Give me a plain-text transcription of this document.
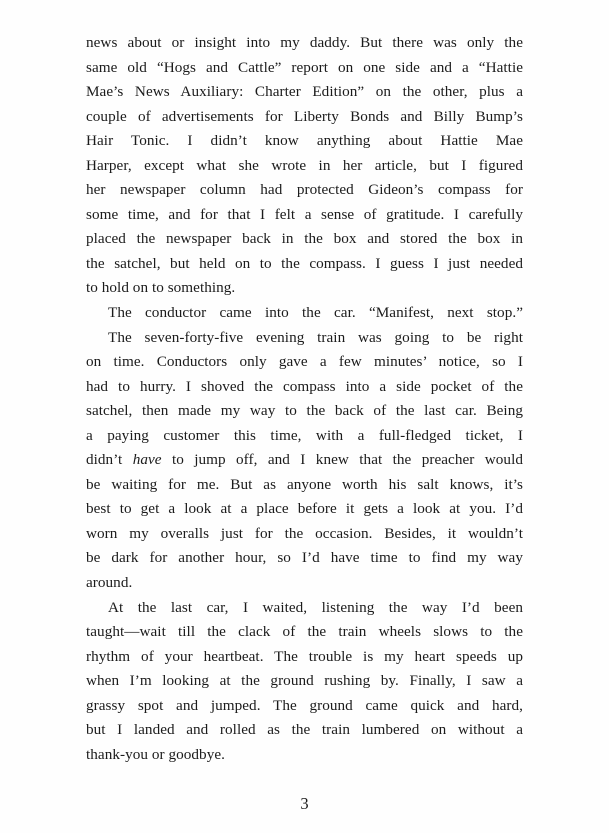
news about or insight into my daddy. But there was only the
same old “Hogs and Cattle” report on one side and a “Hattie
Mae’s News Auxiliary: Charter Edition” on the other, plus a
couple of advertisements for Liberty Bonds and Billy Bump’s
Hair Tonic. I didn’t know anything about Hattie Mae
Harper, except what she wrote in her article, but I figured
her newspaper column had protected Gideon’s compass for
some time, and for that I felt a sense of gratitude. I carefully
placed the newspaper back in the box and stored the box in
the satchel, but held on to the compass. I guess I just needed
to hold on to something.
The conductor came into the car. “Manifest, next stop.”
The seven-forty-five evening train was going to be right
on time. Conductors only gave a few minutes’ notice, so I
had to hurry. I shoved the compass into a side pocket of the
satchel, then made my way to the back of the last car. Being
a paying customer this time, with a full-fledged ticket, I
didn’t have to jump off, and I knew that the preacher would
be waiting for me. But as anyone worth his salt knows, it’s
best to get a look at a place before it gets a look at you. I’d
worn my overalls just for the occasion. Besides, it wouldn’t
be dark for another hour, so I’d have time to find my way
around.
At the last car, I waited, listening the way I’d been
taught—wait till the clack of the train wheels slows to the
rhythm of your heartbeat. The trouble is my heart speeds up
when I’m looking at the ground rushing by. Finally, I saw a
grassy spot and jumped. The ground came quick and hard,
but I landed and rolled as the train lumbered on without a
thank-you or goodbye.
3
